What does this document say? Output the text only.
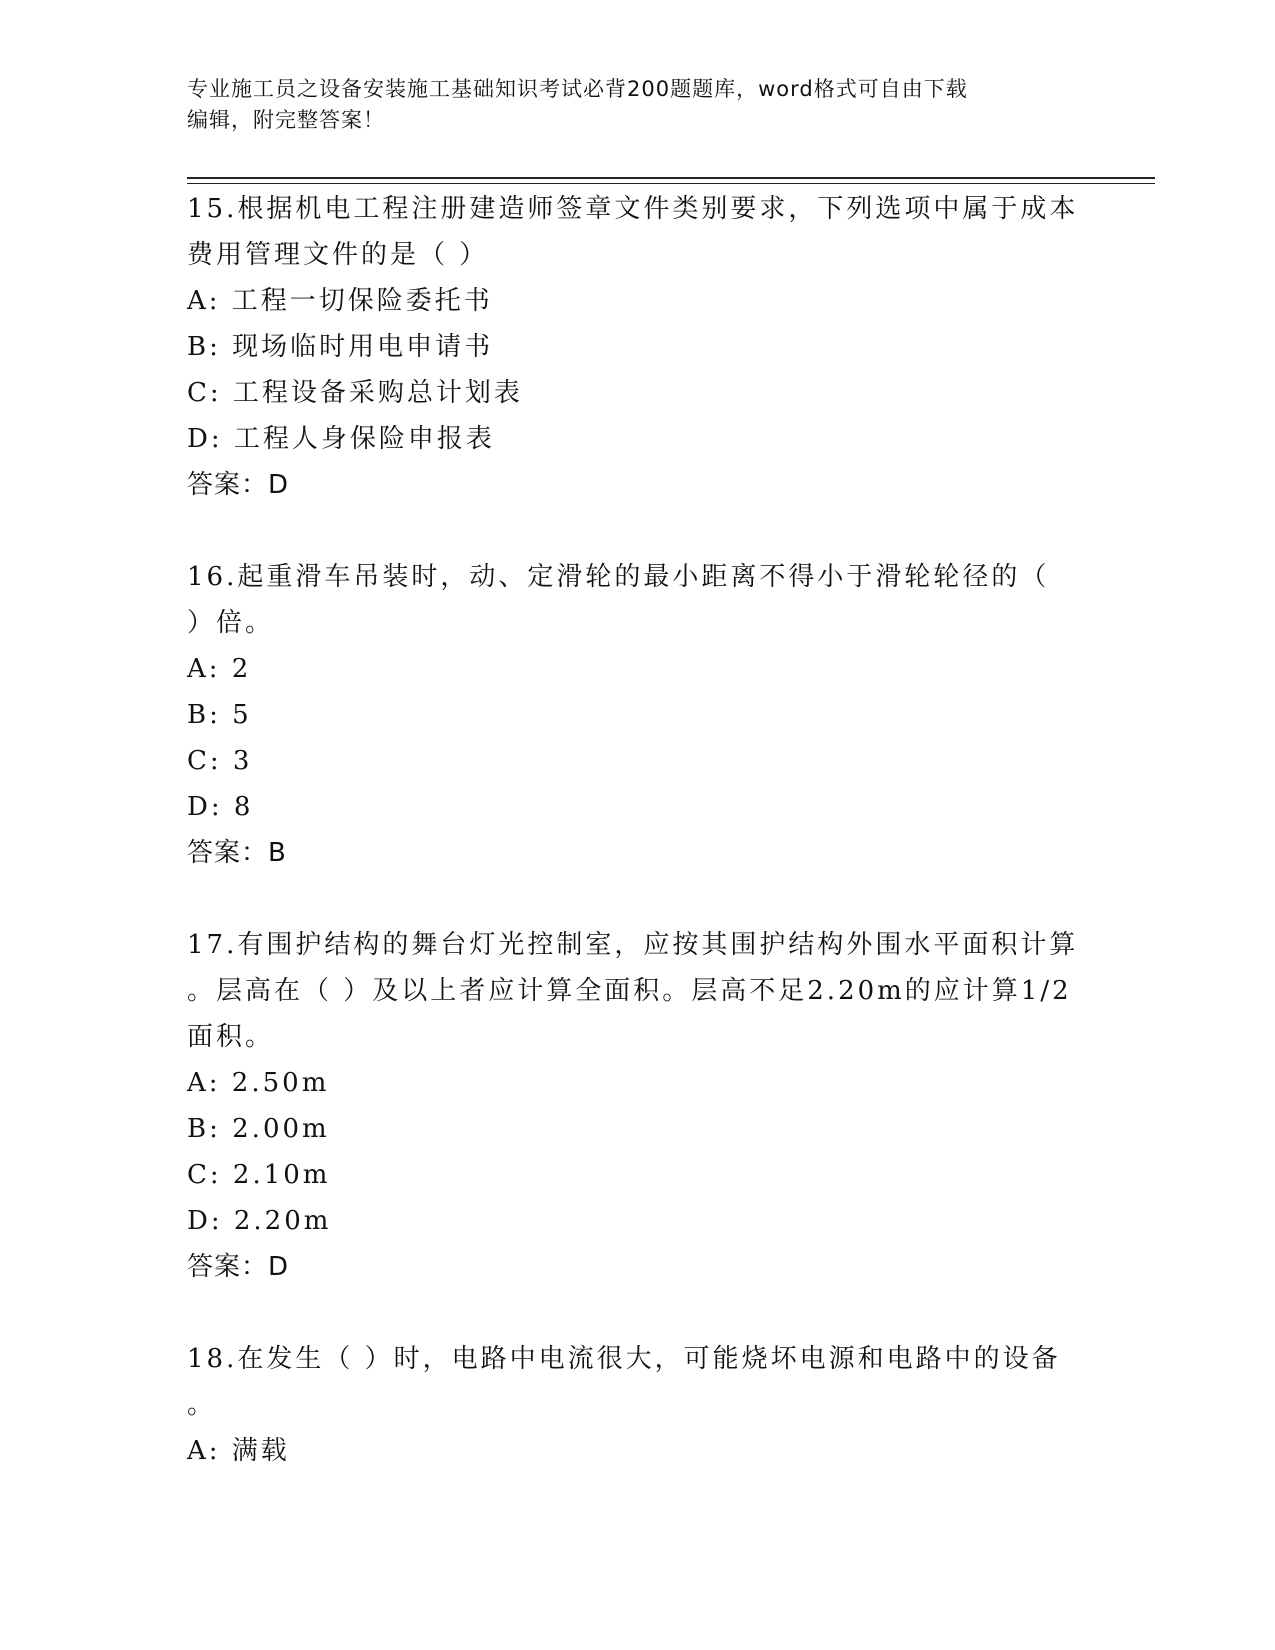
专业施工员之设备安装施工基础知识考试必背200题题库，word格式可自由下载
编辑，附完整答案！
15.根据机电工程注册建造师签章文件类别要求，下列选项中属于成本
费用管理文件的是（ ）
A: 工程一切保险委托书
B: 现场临时用电申请书
C: 工程设备采购总计划表
D: 工程人身保险申报表
答案：D
16.起重滑车吊装时，动、定滑轮的最小距离不得小于滑轮轮径的（
）倍。
A: 2
B: 5
C: 3
D: 8
答案：B
17.有围护结构的舞台灯光控制室，应按其围护结构外围水平面积计算
。层高在（ ）及以上者应计算全面积。层高不足2.20m的应计算1/2
面积。
A: 2.50m
B: 2.00m
C: 2.10m
D: 2.20m
答案：D
18.在发生（ ）时，电路中电流很大，可能烧坏电源和电路中的设备
。
A: 满载
